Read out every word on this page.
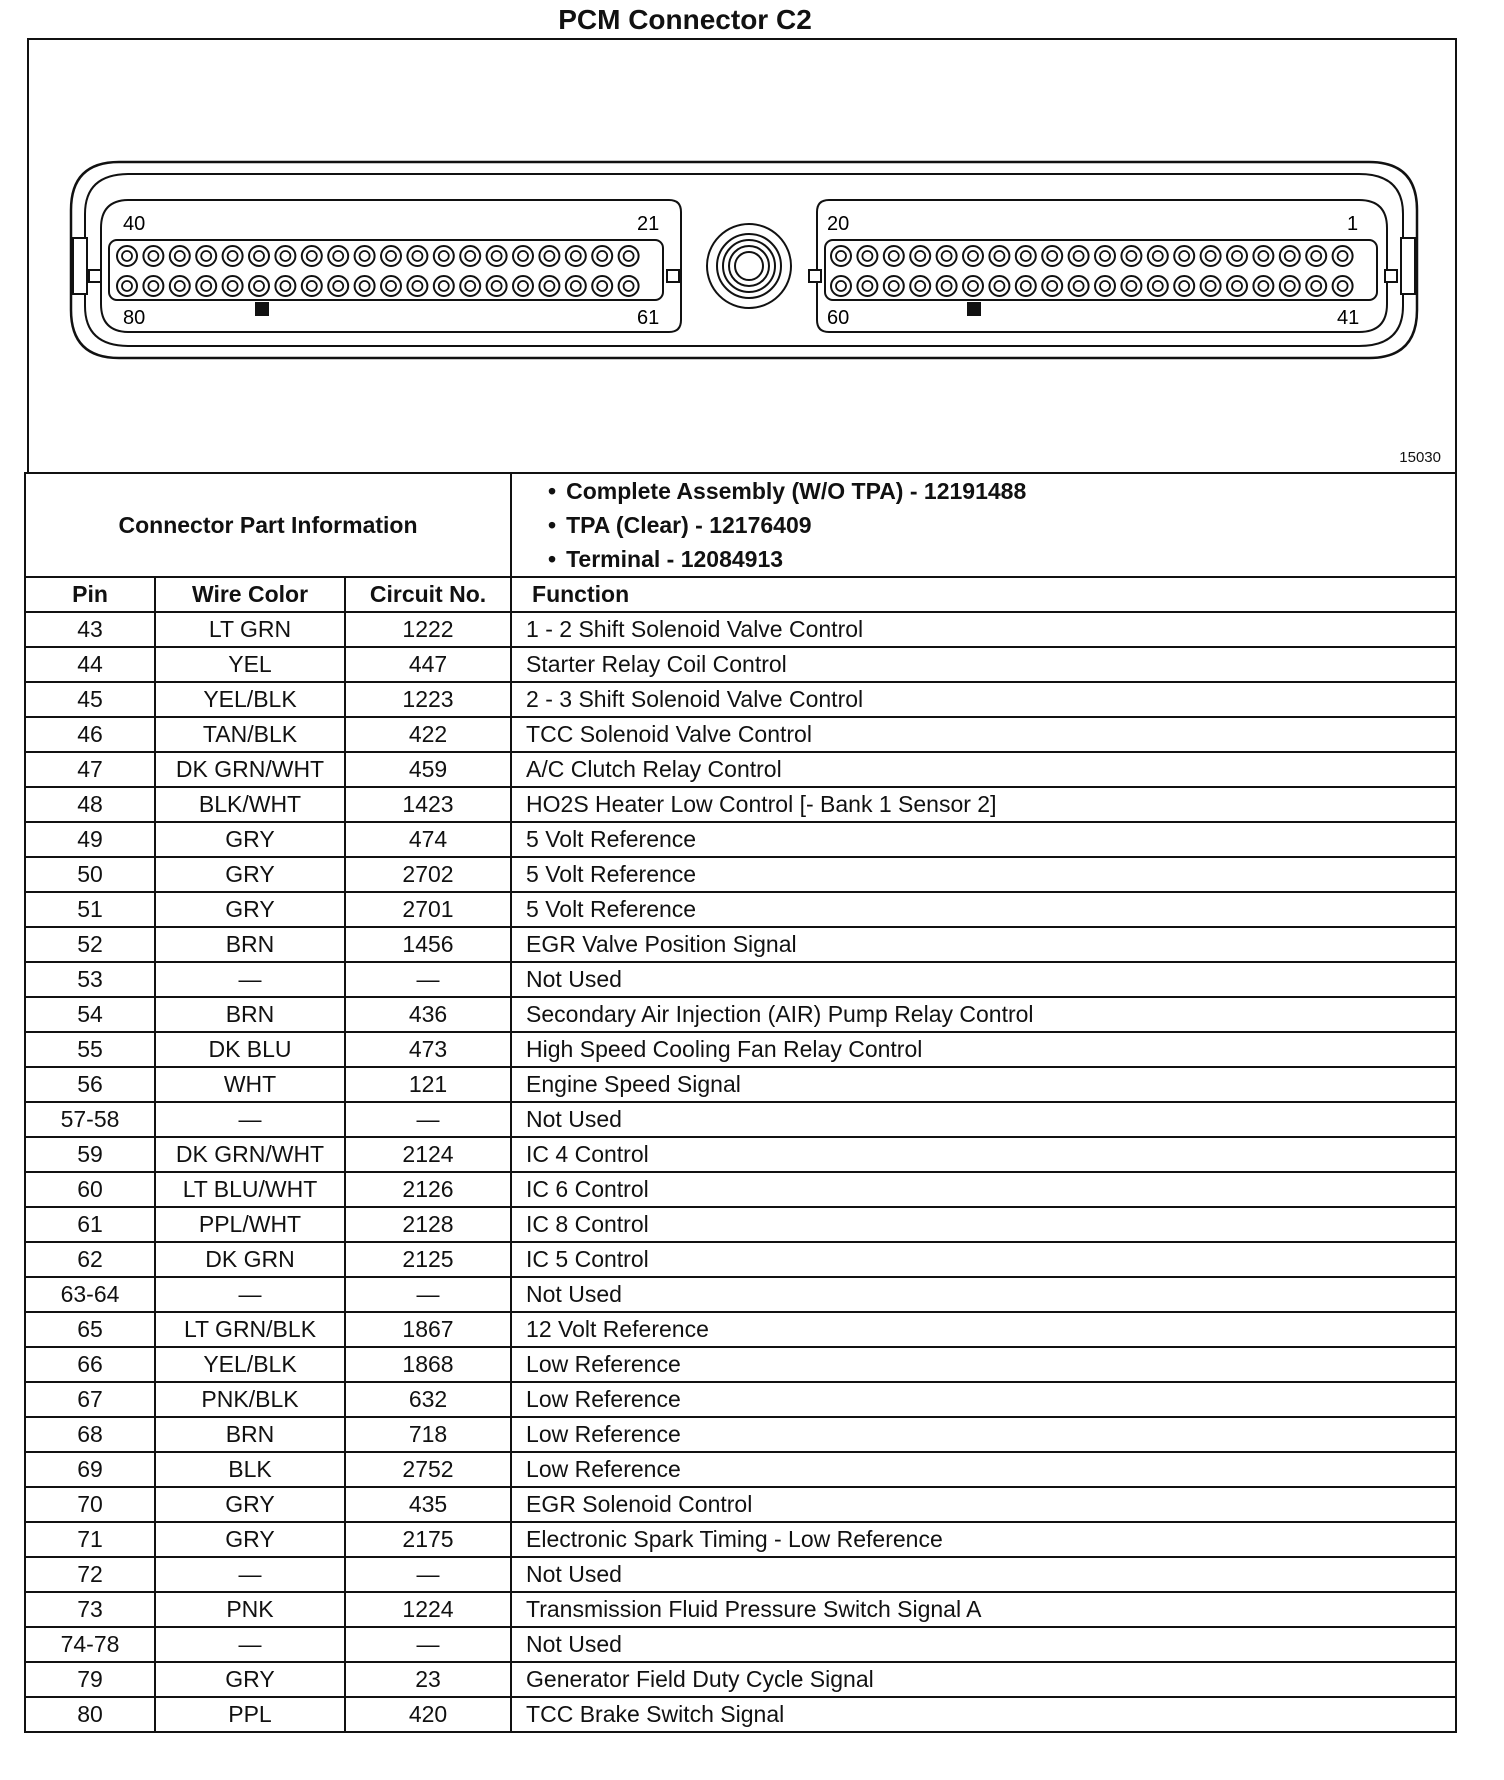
PCM Connector C2
40	21
80	61
20	1
60	41
15030
Connector Part Information			• Complete Assembly (W/O TPA) - 12191488
• TPA (Clear) - 12176409
• Terminal - 12084913

Pin	Wire Color	Circuit No.	Function
43	LT GRN	1222	1 - 2 Shift Solenoid Valve Control
44	YEL	447	Starter Relay Coil Control
45	YEL/BLK	1223	2 - 3 Shift Solenoid Valve Control
46	TAN/BLK	422	TCC Solenoid Valve Control
47	DK GRN/WHT	459	A/C Clutch Relay Control
48	BLK/WHT	1423	HO2S Heater Low Control [- Bank 1 Sensor 2]
49	GRY	474	5 Volt Reference
50	GRY	2702	5 Volt Reference
51	GRY	2701	5 Volt Reference
52	BRN	1456	EGR Valve Position Signal
53	—	—	Not Used
54	BRN	436	Secondary Air Injection (AIR) Pump Relay Control
55	DK BLU	473	High Speed Cooling Fan Relay Control
56	WHT	121	Engine Speed Signal
57-58	—	—	Not Used
59	DK GRN/WHT	2124	IC 4 Control
60	LT BLU/WHT	2126	IC 6 Control
61	PPL/WHT	2128	IC 8 Control
62	DK GRN	2125	IC 5 Control
63-64	—	—	Not Used
65	LT GRN/BLK	1867	12 Volt Reference
66	YEL/BLK	1868	Low Reference
67	PNK/BLK	632	Low Reference
68	BRN	718	Low Reference
69	BLK	2752	Low Reference
70	GRY	435	EGR Solenoid Control
71	GRY	2175	Electronic Spark Timing - Low Reference
72	—	—	Not Used
73	PNK	1224	Transmission Fluid Pressure Switch Signal A
74-78	—	—	Not Used
79	GRY	23	Generator Field Duty Cycle Signal
80	PPL	420	TCC Brake Switch Signal
